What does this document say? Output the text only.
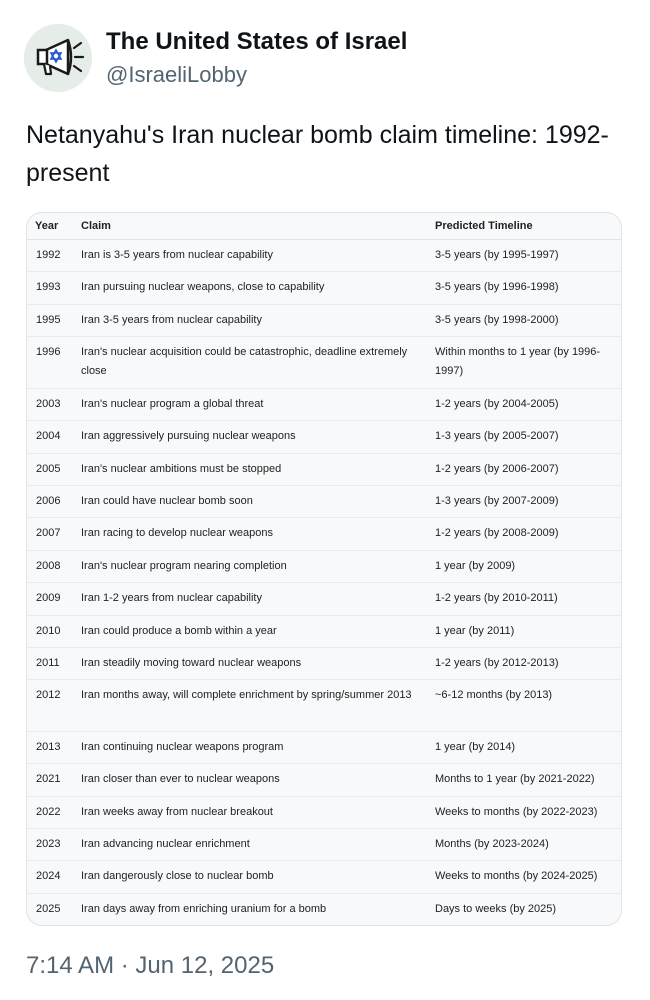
The United States of Israel
@IsraeliLobby
Netanyahu's Iran nuclear bomb claim timeline: 1992-present
Year	Claim	Predicted Timeline
1992	Iran is 3-5 years from nuclear capability	3-5 years (by 1995-1997)
1993	Iran pursuing nuclear weapons, close to capability	3-5 years (by 1996-1998)
1995	Iran 3-5 years from nuclear capability	3-5 years (by 1998-2000)
1996	Iran's nuclear acquisition could be catastrophic, deadline extremely close	Within months to 1 year (by 1996-1997)
2003	Iran's nuclear program a global threat	1-2 years (by 2004-2005)
2004	Iran aggressively pursuing nuclear weapons	1-3 years (by 2005-2007)
2005	Iran's nuclear ambitions must be stopped	1-2 years (by 2006-2007)
2006	Iran could have nuclear bomb soon	1-3 years (by 2007-2009)
2007	Iran racing to develop nuclear weapons	1-2 years (by 2008-2009)
2008	Iran's nuclear program nearing completion	1 year (by 2009)
2009	Iran 1-2 years from nuclear capability	1-2 years (by 2010-2011)
2010	Iran could produce a bomb within a year	1 year (by 2011)
2011	Iran steadily moving toward nuclear weapons	1-2 years (by 2012-2013)
2012	Iran months away, will complete enrichment by spring/summer 2013	~6-12 months (by 2013)
2013	Iran continuing nuclear weapons program	1 year (by 2014)
2021	Iran closer than ever to nuclear weapons	Months to 1 year (by 2021-2022)
2022	Iran weeks away from nuclear breakout	Weeks to months (by 2022-2023)
2023	Iran advancing nuclear enrichment	Months (by 2023-2024)
2024	Iran dangerously close to nuclear bomb	Weeks to months (by 2024-2025)
2025	Iran days away from enriching uranium for a bomb	Days to weeks (by 2025)
7:14 AM · Jun 12, 2025
